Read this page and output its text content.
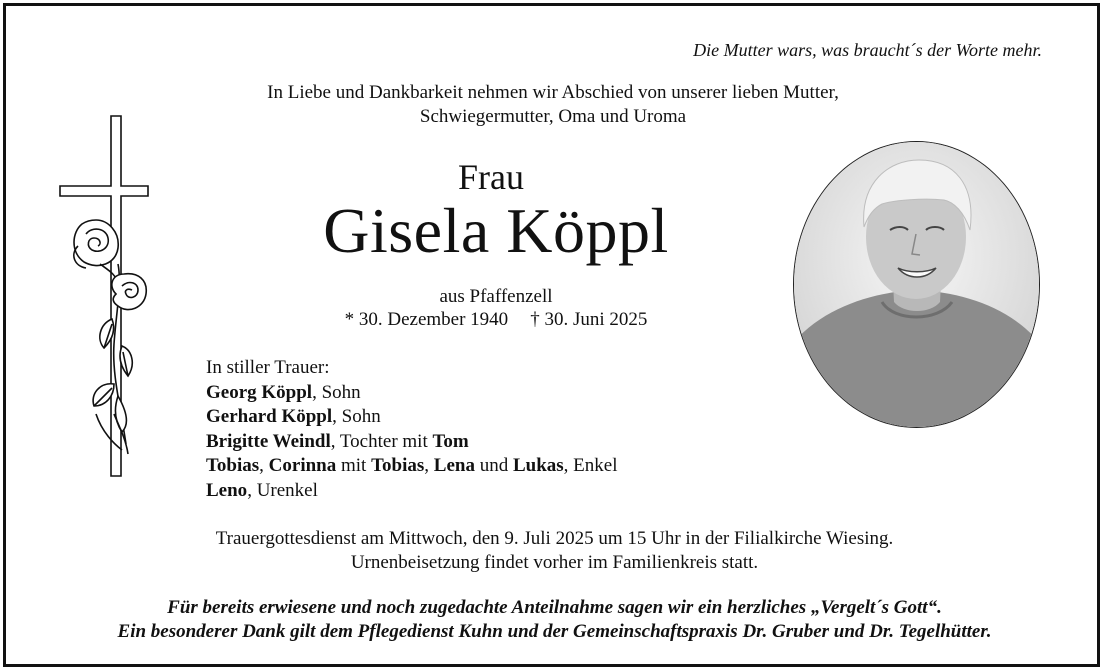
Die Mutter wars, was braucht´s der Worte mehr.
In Liebe und Dankbarkeit nehmen wir Abschied von unserer lieben Mutter,
Schwiegermutter, Oma und Uroma
Frau
Gisela Köppl
aus Pfaffenzell
* 30. Dezember 1940 † 30. Juni 2025
In stiller Trauer:
Georg Köppl, Sohn
Gerhard Köppl, Sohn
Brigitte Weindl, Tochter mit Tom
Tobias, Corinna mit Tobias, Lena und Lukas, Enkel
Leno, Urenkel
Trauergottesdienst am Mittwoch, den 9. Juli 2025 um 15 Uhr in der Filialkirche Wiesing.
Urnenbeisetzung findet vorher im Familienkreis statt.
Für bereits erwiesene und noch zugedachte Anteilnahme sagen wir ein herzliches „Vergelt´s Gott“.
Ein besonderer Dank gilt dem Pflegedienst Kuhn und der Gemeinschaftspraxis Dr. Gruber und Dr. Tegelhütter.
